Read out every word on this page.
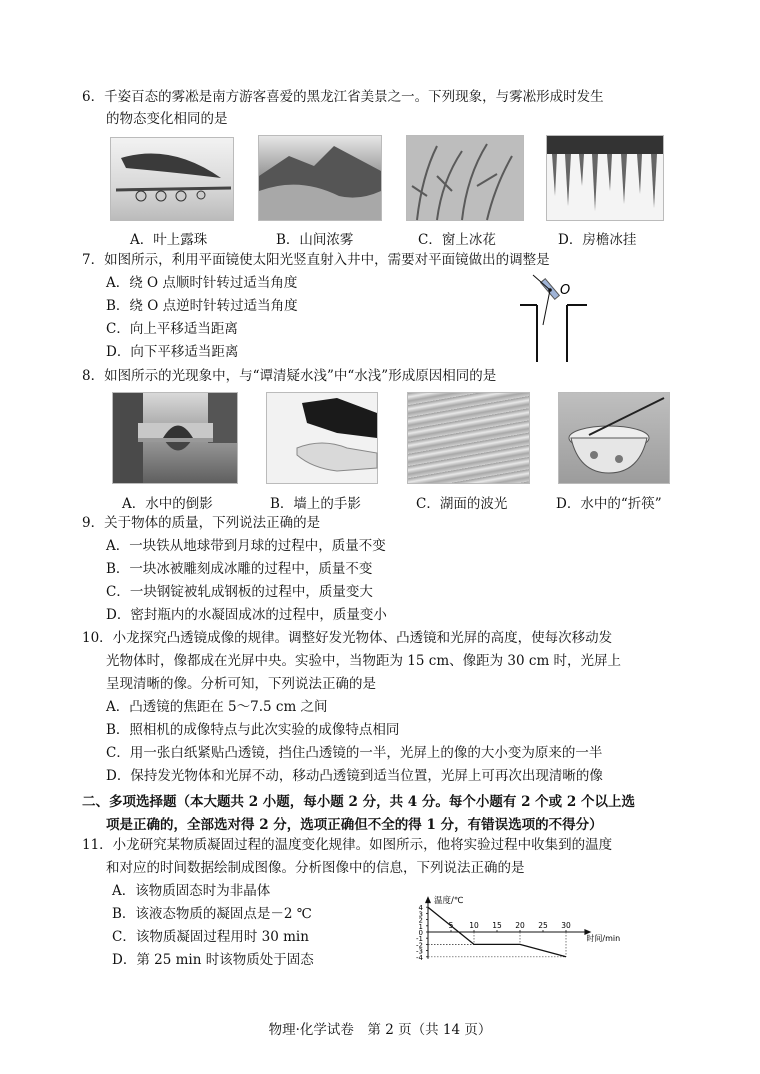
6．千姿百态的雾凇是南方游客喜爱的黑龙江省美景之一。下列现象，与雾凇形成时发生
的物态变化相同的是
A．叶上露珠	B．山间浓雾	C．窗上冰花	D．房檐冰挂
7．如图所示，利用平面镜使太阳光竖直射入井中，需要对平面镜做出的调整是
A．绕 O 点顺时针转过适当角度
B．绕 O 点逆时针转过适当角度
C．向上平移适当距离
D．向下平移适当距离
O
8．如图所示的光现象中，与“谭清疑水浅”中“水浅”形成原因相同的是
A．水中的倒影	B．墙上的手影	C．湖面的波光	D．水中的“折筷”
9．关于物体的质量，下列说法正确的是
A．一块铁从地球带到月球的过程中，质量不变
B．一块冰被雕刻成冰雕的过程中，质量不变
C．一块钢锭被轧成钢板的过程中，质量变大
D．密封瓶内的水凝固成冰的过程中，质量变小
10．小龙探究凸透镜成像的规律。调整好发光物体、凸透镜和光屏的高度，使每次移动发
光物体时，像都成在光屏中央。实验中，当物距为 15 cm、像距为 30 cm 时，光屏上
呈现清晰的像。分析可知，下列说法正确的是
A．凸透镜的焦距在 5～7.5 cm 之间
B．照相机的成像特点与此次实验的成像特点相同
C．用一张白纸紧贴凸透镜，挡住凸透镜的一半，光屏上的像的大小变为原来的一半
D．保持发光物体和光屏不动，移动凸透镜到适当位置，光屏上可再次出现清晰的像
二、多项选择题（本大题共 2 小题，每小题 2 分，共 4 分。每个小题有 2 个或 2 个以上选
项是正确的，全部选对得 2 分，选项正确但不全的得 1 分，有错误选项的不得分）
11．小龙研究某物质凝固过程的温度变化规律。如图所示，他将实验过程中收集到的温度
和对应的时间数据绘制成图像。分析图像中的信息，下列说法正确的是
A．该物质固态时为非晶体
B．该液态物质的凝固点是－2 ℃
C．该物质凝固过程用时 30 min
D．第 25 min 时该物质处于固态
4
3
2
1
0
-1
-2
-3
-4
5 10 15 20 25 30
温度/℃
时间/min
物理·化学试卷　第 2 页（共 14 页）
